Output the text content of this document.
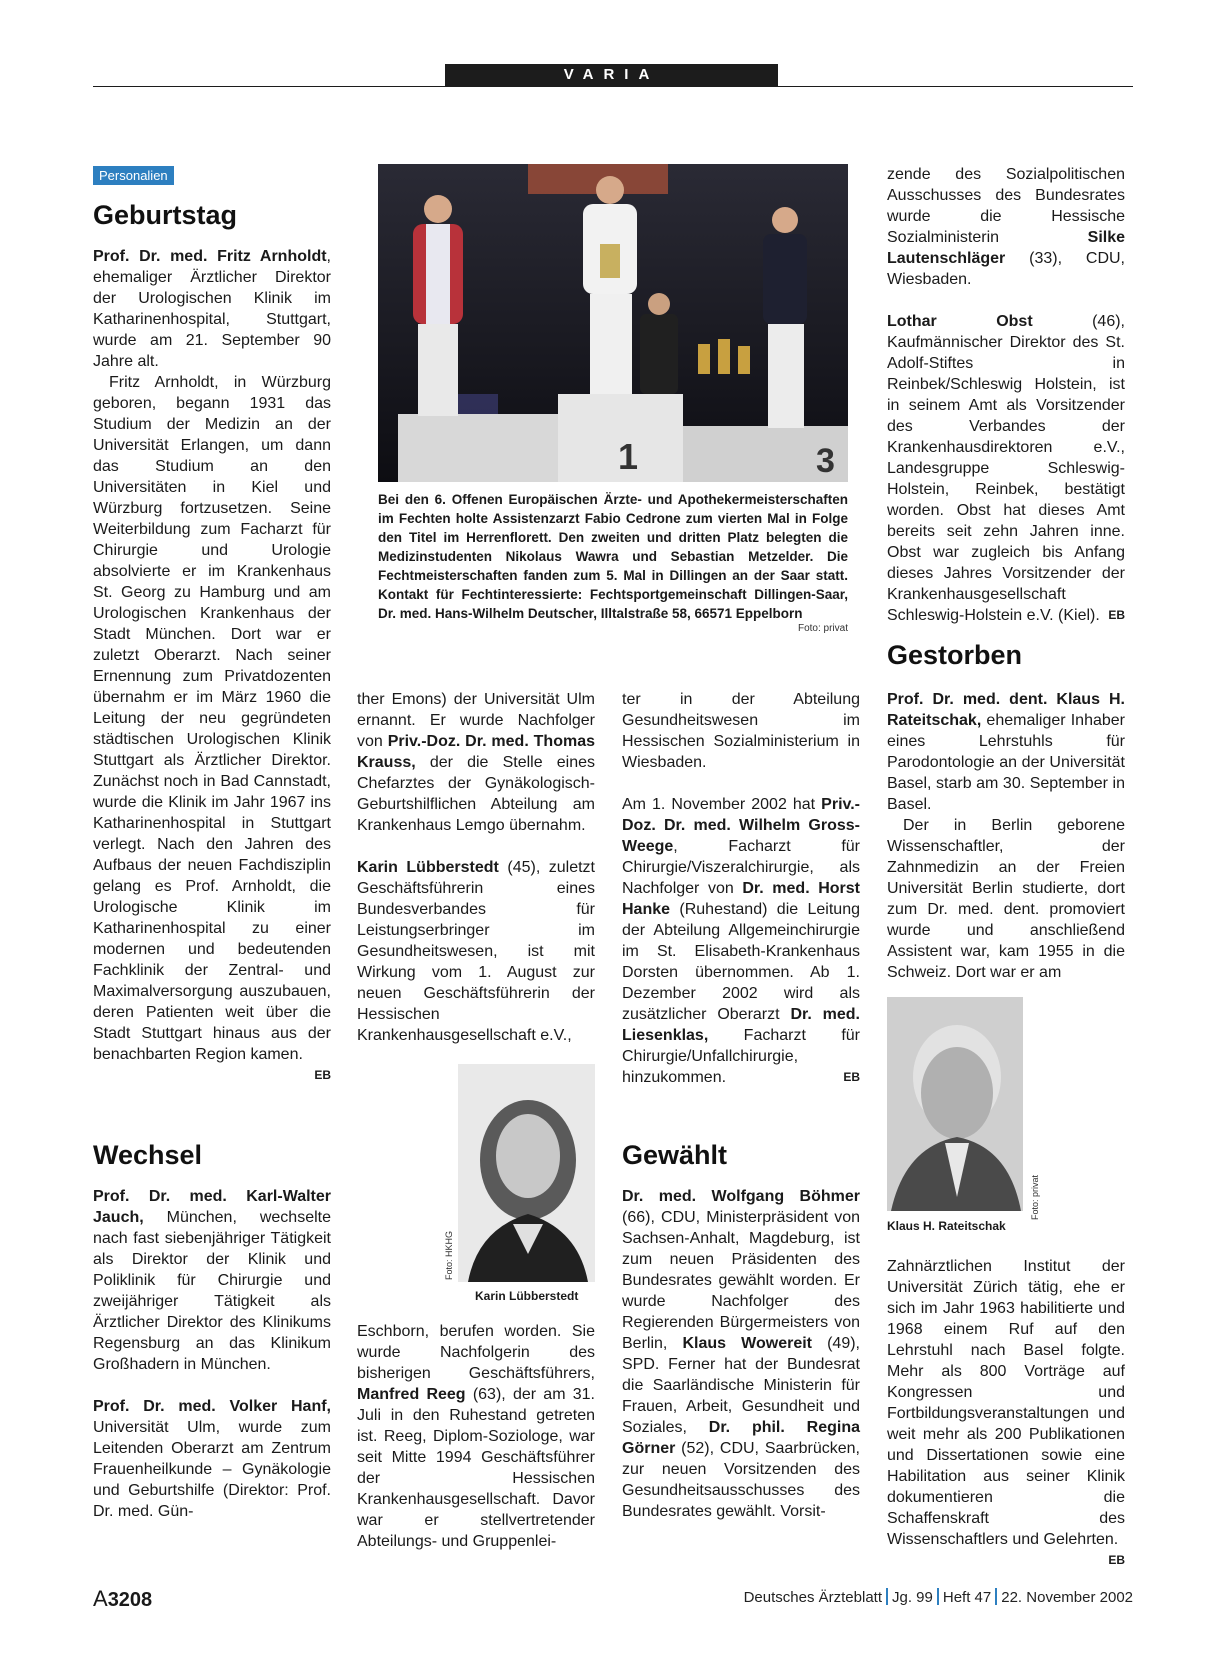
VARIA
Personalien
Geburtstag

Prof. Dr. med. Fritz Arnholdt, ehemaliger Ärztlicher Direktor der Urologischen Klinik im Katharinenhospital, Stuttgart, wurde am 21. September 90 Jahre alt.

Fritz Arnholdt, in Würzburg geboren, begann 1931 das Studium der Medizin an der Universität Erlangen, um dann das Studium an den Universitäten in Kiel und Würzburg fortzusetzen. Seine Weiterbildung zum Facharzt für Chirurgie und Urologie absolvierte er im Krankenhaus St. Georg zu Hamburg und am Urologischen Krankenhaus der Stadt München. Dort war er zuletzt Oberarzt. Nach seiner Ernennung zum Privatdozenten übernahm er im März 1960 die Leitung der neu gegründeten städtischen Urologischen Klinik Stuttgart als Ärztlicher Direktor. Zunächst noch in Bad Cannstadt, wurde die Klinik im Jahr 1967 ins Katharinenhospital in Stuttgart verlegt. Nach den Jahren des Aufbaus der neuen Fachdisziplin gelang es Prof. Arnholdt, die Urologische Klinik im Katharinenhospital zu einer modernen und bedeutenden Fachklinik der Zentral- und Maximalversorgung auszubauen, deren Patienten weit über die Stadt Stuttgart hinaus aus der benachbarten Region kamen.
EB

Wechsel

Prof. Dr. med. Karl-Walter Jauch, München, wechselte nach fast siebenjähriger Tätigkeit als Direktor der Klinik und Poliklinik für Chirurgie und zweijähriger Tätigkeit als Ärztlicher Direktor des Klinikums Regensburg an das Klinikum Großhadern in München.

Prof. Dr. med. Volker Hanf, Universität Ulm, wurde zum Leitenden Oberarzt am Zentrum Frauenheilkunde – Gynäkologie und Geburtshilfe (Direktor: Prof. Dr. med. Gün-

1	3
Bei den 6. Offenen Europäischen Ärzte- und Apothekermeisterschaften im Fechten holte Assistenzarzt Fabio Cedrone zum vierten Mal in Folge den Titel im Herrenflorett. Den zweiten und dritten Platz belegten die Medizinstudenten Nikolaus Wawra und Sebastian Metzelder. Die Fechtmeisterschaften fanden zum 5. Mal in Dillingen an der Saar statt. Kontakt für Fechtinteressierte: Fechtsportgemeinschaft Dillingen-Saar, Dr. med. Hans-Wilhelm Deutscher, Illtalstraße 58, 66571 Eppelborn
Foto: privat

ther Emons) der Universität Ulm ernannt. Er wurde Nachfolger von Priv.-Doz. Dr. med. Thomas Krauss, der die Stelle eines Chefarztes der Gynäkologisch-Geburtshilflichen Abteilung am Krankenhaus Lemgo übernahm.

Karin Lübberstedt (45), zuletzt Geschäftsführerin eines Bundesverbandes für Leistungserbringer im Gesundheitswesen, ist mit Wirkung vom 1. August zur neuen Geschäftsführerin der Hessischen Krankenhausgesellschaft e.V.,

Foto: HKHG
Karin Lübberstedt

Eschborn, berufen worden. Sie wurde Nachfolgerin des bisherigen Geschäftsführers, Manfred Reeg (63), der am 31. Juli in den Ruhestand getreten ist. Reeg, Diplom-Soziologe, war seit Mitte 1994 Geschäftsführer der Hessischen Krankenhausgesellschaft. Davor war er stellvertretender Abteilungs- und Gruppenlei-

ter in der Abteilung Gesundheitswesen im Hessischen Sozialministerium in Wiesbaden.

Am 1. November 2002 hat Priv.-Doz. Dr. med. Wilhelm Gross-Weege, Facharzt für Chirurgie/Viszeralchirurgie, als Nachfolger von Dr. med. Horst Hanke (Ruhestand) die Leitung der Abteilung Allgemeinchirurgie im St. Elisabeth-Krankenhaus Dorsten übernommen. Ab 1. Dezember 2002 wird als zusätzlicher Oberarzt Dr. med. Liesenklas, Facharzt für Chirurgie/Unfallchirurgie, hinzukommen.	EB

Gewählt

Dr. med. Wolfgang Böhmer (66), CDU, Ministerpräsident von Sachsen-Anhalt, Magdeburg, ist zum neuen Präsidenten des Bundesrates gewählt worden. Er wurde Nachfolger des Regierenden Bürgermeisters von Berlin, Klaus Wowereit (49), SPD. Ferner hat der Bundesrat die Saarländische Ministerin für Frauen, Arbeit, Gesundheit und Soziales, Dr. phil. Regina Görner (52), CDU, Saarbrücken, zur neuen Vorsitzenden des Gesundheitsausschusses des Bundesrates gewählt. Vorsit-

zende des Sozialpolitischen Ausschusses des Bundesrates wurde die Hessische Sozialministerin Silke Lautenschläger (33), CDU, Wiesbaden.

Lothar Obst (46), Kaufmännischer Direktor des St. Adolf-Stiftes in Reinbek/Schleswig Holstein, ist in seinem Amt als Vorsitzender des Verbandes der Krankenhausdirektoren e.V., Landesgruppe Schleswig-Holstein, Reinbek, bestätigt worden. Obst hat dieses Amt bereits seit zehn Jahren inne. Obst war zugleich bis Anfang dieses Jahres Vorsitzender der Krankenhausgesellschaft Schleswig-Holstein e.V. (Kiel). EB

Gestorben

Prof. Dr. med. dent. Klaus H. Rateitschak, ehemaliger Inhaber eines Lehrstuhls für Parodontologie an der Universität Basel, starb am 30. September in Basel.

Der in Berlin geborene Wissenschaftler, der Zahnmedizin an der Freien Universität Berlin studierte, dort zum Dr. med. dent. promoviert wurde und anschließend Assistent war, kam 1955 in die Schweiz. Dort war er am

Foto: privat
Klaus H. Rateitschak

Zahnärztlichen Institut der Universität Zürich tätig, ehe er sich im Jahr 1963 habilitierte und 1968 einem Ruf auf den Lehrstuhl nach Basel folgte. Mehr als 800 Vorträge auf Kongressen und Fortbildungsveranstaltungen und weit mehr als 200 Publikationen und Dissertationen sowie eine Habilitation aus seiner Klinik dokumentieren die Schaffenskraft des Wissenschaftlers und Gelehrten.
EB

A3208	Deutsches Ärzteblatt Jg. 99 Heft 47 22. November 2002
